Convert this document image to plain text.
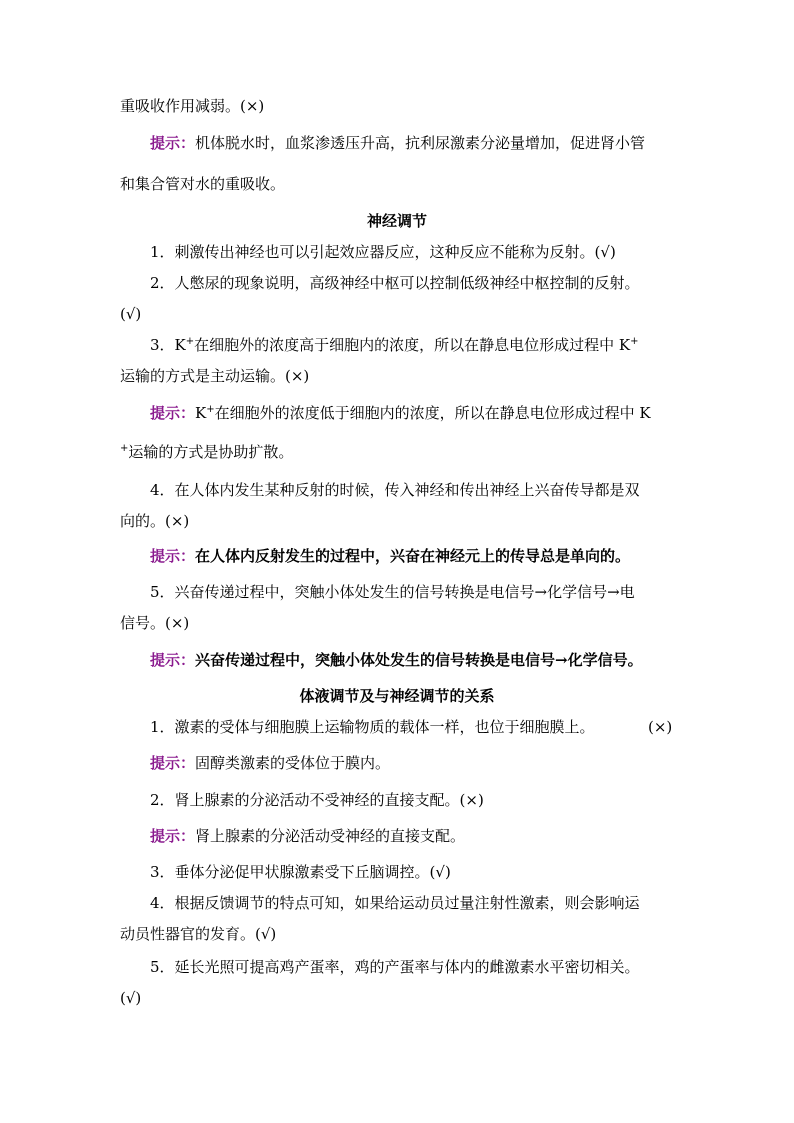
重吸收作用减弱。(×)
提示：机体脱水时，血浆渗透压升高，抗利尿激素分泌量增加，促进肾小管
和集合管对水的重吸收。
神经调节
1．刺激传出神经也可以引起效应器反应，这种反应不能称为反射。(√)
2．人憋尿的现象说明，高级神经中枢可以控制低级神经中枢控制的反射。
(√)
3．K+在细胞外的浓度高于细胞内的浓度，所以在静息电位形成过程中 K+
运输的方式是主动运输。(×)
提示：K+在细胞外的浓度低于细胞内的浓度，所以在静息电位形成过程中 K
+运输的方式是协助扩散。
4．在人体内发生某种反射的时候，传入神经和传出神经上兴奋传导都是双
向的。(×)
提示：在人体内反射发生的过程中，兴奋在神经元上的传导总是单向的。
5．兴奋传递过程中，突触小体处发生的信号转换是电信号→化学信号→电
信号。(×)
提示：兴奋传递过程中，突触小体处发生的信号转换是电信号→化学信号。
体液调节及与神经调节的关系
1．激素的受体与细胞膜上运输物质的载体一样，也位于细胞膜上。	(×)
提示：固醇类激素的受体位于膜内。
2．肾上腺素的分泌活动不受神经的直接支配。(×)
提示：肾上腺素的分泌活动受神经的直接支配。
3．垂体分泌促甲状腺激素受下丘脑调控。(√)
4．根据反馈调节的特点可知，如果给运动员过量注射性激素，则会影响运
动员性器官的发育。(√)
5．延长光照可提高鸡产蛋率，鸡的产蛋率与体内的雌激素水平密切相关。
(√)
